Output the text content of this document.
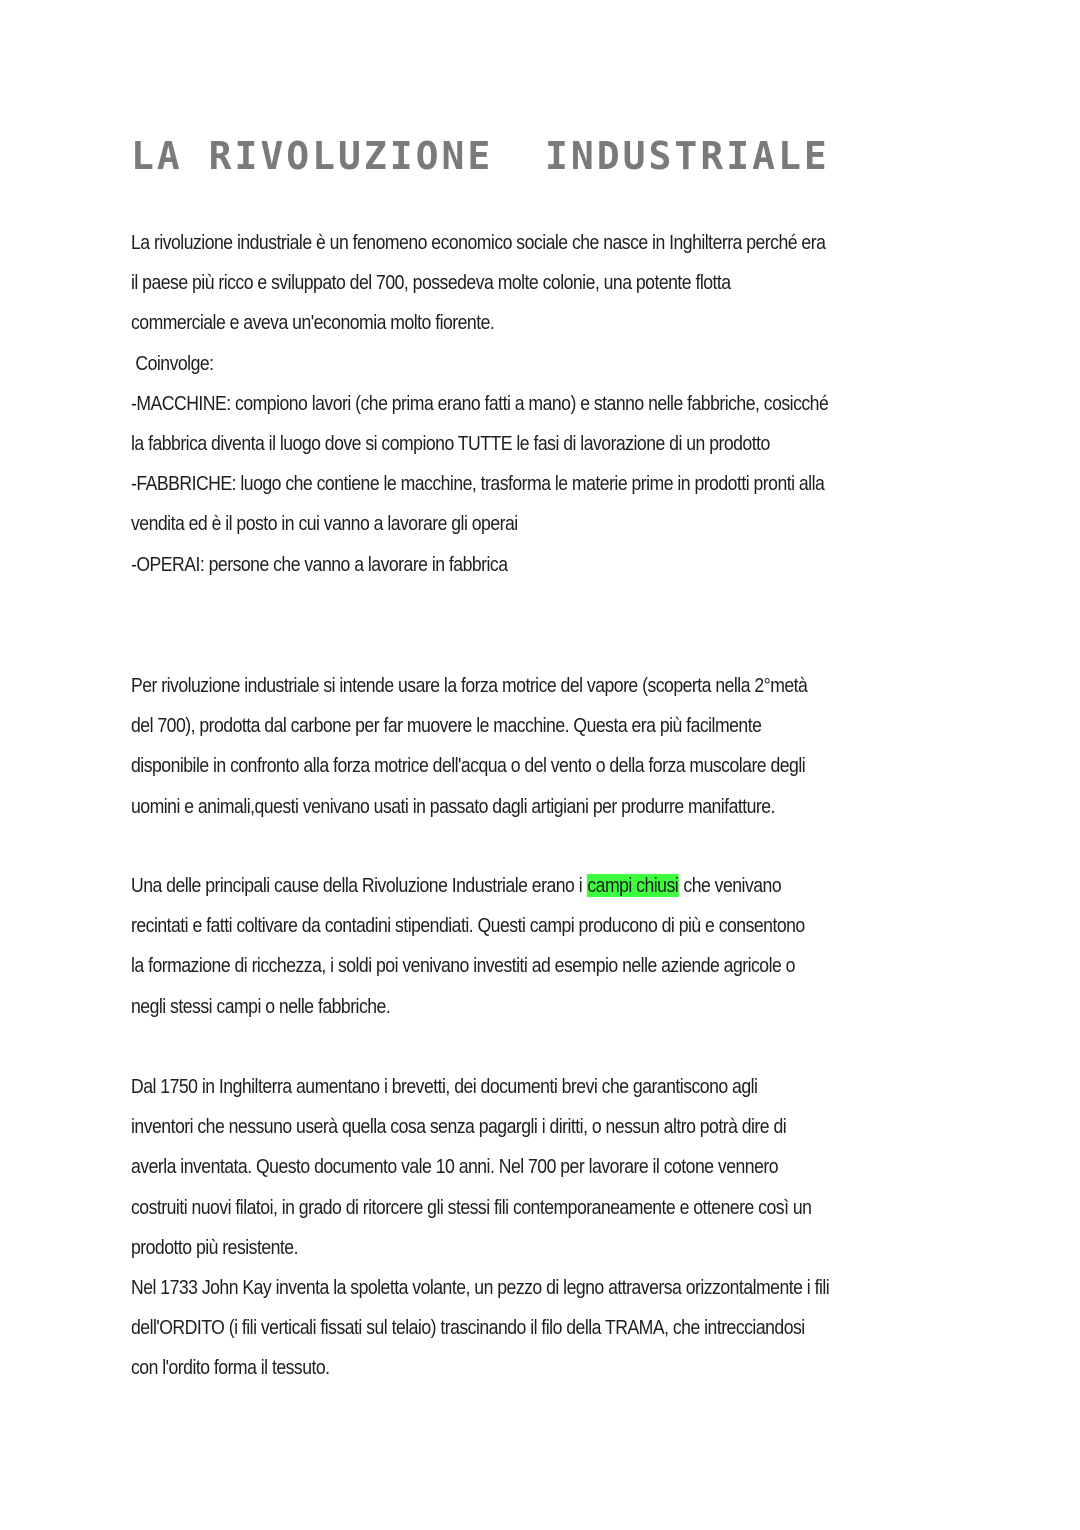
LA RIVOLUZIONE  INDUSTRIALE
La rivoluzione industriale è un fenomeno economico sociale che nasce in Inghilterra perché era
il paese più ricco e sviluppato del 700, possedeva molte colonie, una potente flotta
commerciale e aveva un'economia molto fiorente.
Coinvolge:
-MACCHINE: compiono lavori (che prima erano fatti a mano) e stanno nelle fabbriche, cosicché
la fabbrica diventa il luogo dove si compiono TUTTE le fasi di lavorazione di un prodotto
-FABBRICHE: luogo che contiene le macchine, trasforma le materie prime in prodotti pronti alla
vendita ed è il posto in cui vanno a lavorare gli operai
-OPERAI: persone che vanno a lavorare in fabbrica
Per rivoluzione industriale si intende usare la forza motrice del vapore (scoperta nella 2°metà
del 700), prodotta dal carbone per far muovere le macchine. Questa era più facilmente
disponibile in confronto alla forza motrice dell'acqua o del vento o della forza muscolare degli
uomini e animali,questi venivano usati in passato dagli artigiani per produrre manifatture.
Una delle principali cause della Rivoluzione Industriale erano i campi chiusi che venivano
recintati e fatti coltivare da contadini stipendiati. Questi campi producono di più e consentono
la formazione di ricchezza, i soldi poi venivano investiti ad esempio nelle aziende agricole o
negli stessi campi o nelle fabbriche.
Dal 1750 in Inghilterra aumentano i brevetti, dei documenti brevi che garantiscono agli
inventori che nessuno userà quella cosa senza pagargli i diritti, o nessun altro potrà dire di
averla inventata. Questo documento vale 10 anni. Nel 700 per lavorare il cotone vennero
costruiti nuovi filatoi, in grado di ritorcere gli stessi fili contemporaneamente e ottenere così un
prodotto più resistente.
Nel 1733 John Kay inventa la spoletta volante, un pezzo di legno attraversa orizzontalmente i fili
dell'ORDITO (i fili verticali fissati sul telaio) trascinando il filo della TRAMA, che intrecciandosi
con l'ordito forma il tessuto.
